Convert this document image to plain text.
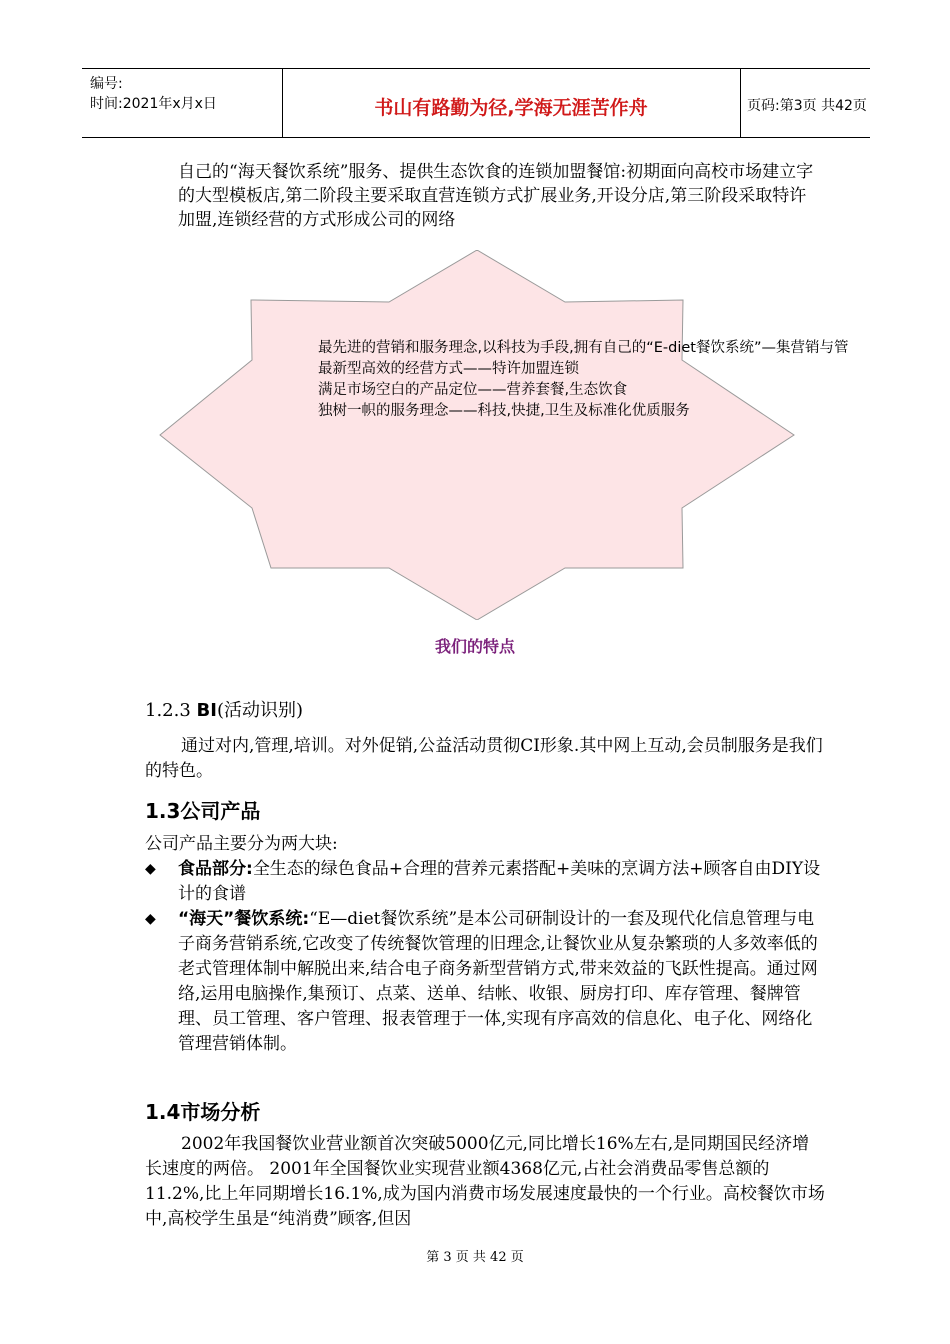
编号:
时间:2021年x月x日	书山有路勤为径,学海无涯苦作舟	页码:第3页 共42页
自己的“海天餐饮系统”服务、提供生态饮食的连锁加盟餐馆:初期面向高校市场建立字的大型模板店,第二阶段主要采取直营连锁方式扩展业务,开设分店,第三阶段采取特许加盟,连锁经营的方式形成公司的网络
最先进的营销和服务理念,以科技为手段,拥有自己的“E-diet餐饮系统”—集营销与管
最新型高效的经营方式——特许加盟连锁
满足市场空白的产品定位——营养套餐,生态饮食
独树一帜的服务理念——科技,快捷,卫生及标准化优质服务
我们的特点
1.2.3 BI(活动识别)
通过对内,管理,培训。对外促销,公益活动贯彻CI形象.其中网上互动,会员制服务是我们的特色。
1.3公司产品
公司产品主要分为两大块:
◆ 食品部分:全生态的绿色食品+合理的营养元素搭配+美味的烹调方法+顾客自由DIY设计的食谱
◆ “海天”餐饮系统:“E—diet餐饮系统”是本公司研制设计的一套及现代化信息管理与电子商务营销系统,它改变了传统餐饮管理的旧理念,让餐饮业从复杂繁琐的人多效率低的老式管理体制中解脱出来,结合电子商务新型营销方式,带来效益的飞跃性提高。通过网络,运用电脑操作,集预订、点菜、送单、结帐、收银、厨房打印、库存管理、餐牌管理、员工管理、客户管理、报表管理于一体,实现有序高效的信息化、电子化、网络化管理营销体制。
1.4市场分析
2002年我国餐饮业营业额首次突破5000亿元,同比增长16%左右,是同期国民经济增长速度的两倍。 2001年全国餐饮业实现营业额4368亿元,占社会消费品零售总额的11.2%,比上年同期增长16.1%,成为国内消费市场发展速度最快的一个行业。高校餐饮市场中,高校学生虽是“纯消费”顾客,但因
第 3 页 共 42 页
